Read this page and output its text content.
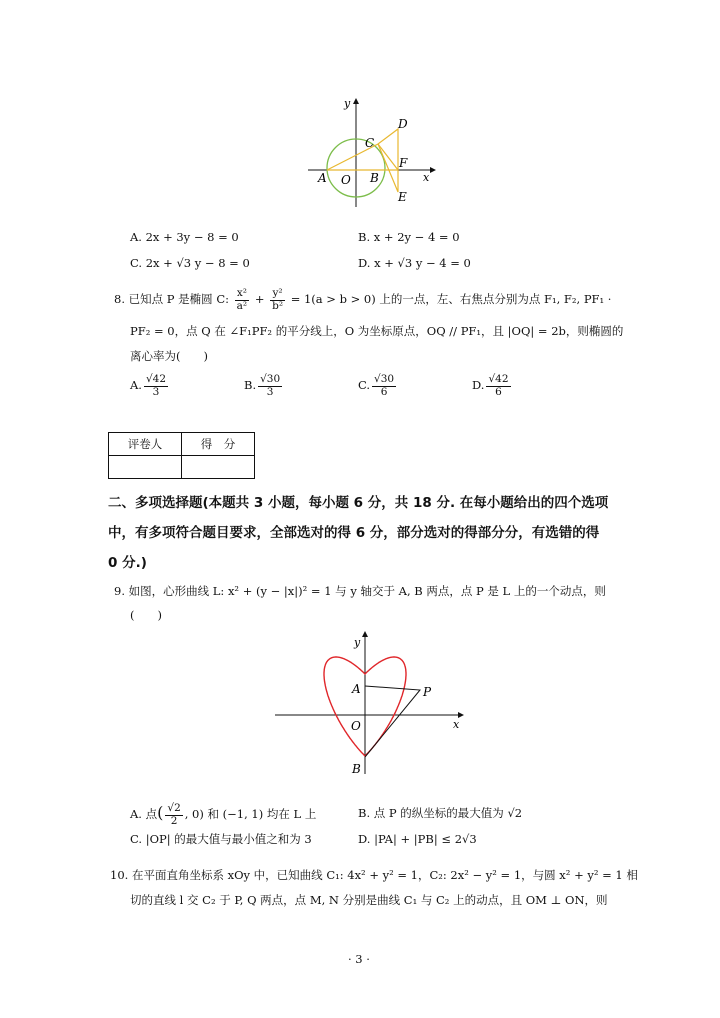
y
x
A O B
C
D
F
E
A. 2x + 3y − 8 = 0	B. x + 2y − 4 = 0
C. 2x + √3 y − 8 = 0	D. x + √3 y − 4 = 0
8. 已知点 P 是椭圆 C: $\frac{\text{x²}}{\text{a²}} + \frac{\text{y²}}{\text{b²}} = 1(a > b > 0)$ 上的一点，左、右焦点分别为点 F₁, F₂, PF₁ ·
PF₂ = 0，点 Q 在 ∠F₁PF₂ 的平分线上，O 为坐标原点，OQ // PF₁，且 |OQ| = 2b，则椭圆的
离心率为(　　)
A. $\frac{√42}{3}$	B. $\frac{√30}{3}$	C. $\frac{√30}{6}$	D. $\frac{√42}{6}$
评卷人	得　分

二、多项选择题(本题共 3 小题，每小题 6 分，共 18 分. 在每小题给出的四个选项
中，有多项符合题目要求，全部选对的得 6 分，部分选对的得部分分，有选错的得
0 分.)
9. 如图，心形曲线 L: x² + (y − |x|)² = 1 与 y 轴交于 A, B 两点，点 P 是 L 上的一个动点，则
(　　)
y
x
A
O
B
P
A. 点( $\frac{√2}{2}$ , 0) 和 (−1, 1) 均在 L 上	B. 点 P 的纵坐标的最大值为 √2
C. |OP| 的最大值与最小值之和为 3	D. |PA| + |PB| ≤ 2√3
10. 在平面直角坐标系 xOy 中，已知曲线 C₁: 4x² + y² = 1，C₂: 2x² − y² = 1，与圆 x² + y² = 1 相
切的直线 l 交 C₂ 于 P, Q 两点，点 M, N 分别是曲线 C₁ 与 C₂ 上的动点，且 OM ⊥ ON，则
· 3 ·
